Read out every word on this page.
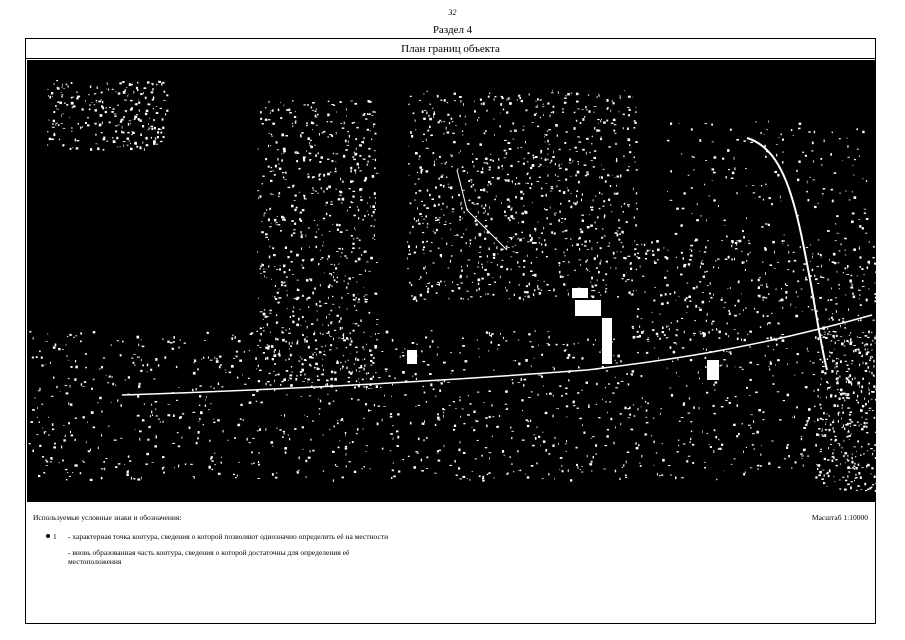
32
Раздел 4
План границ объекта
Используемые условные знаки и обозначения:	Масштаб 1:10000
1 - характерная точка контура, сведения о которой позволяют однозначно определить её на местности
- вновь образованная часть контура, сведения о которой достаточны для определения её местоположения
